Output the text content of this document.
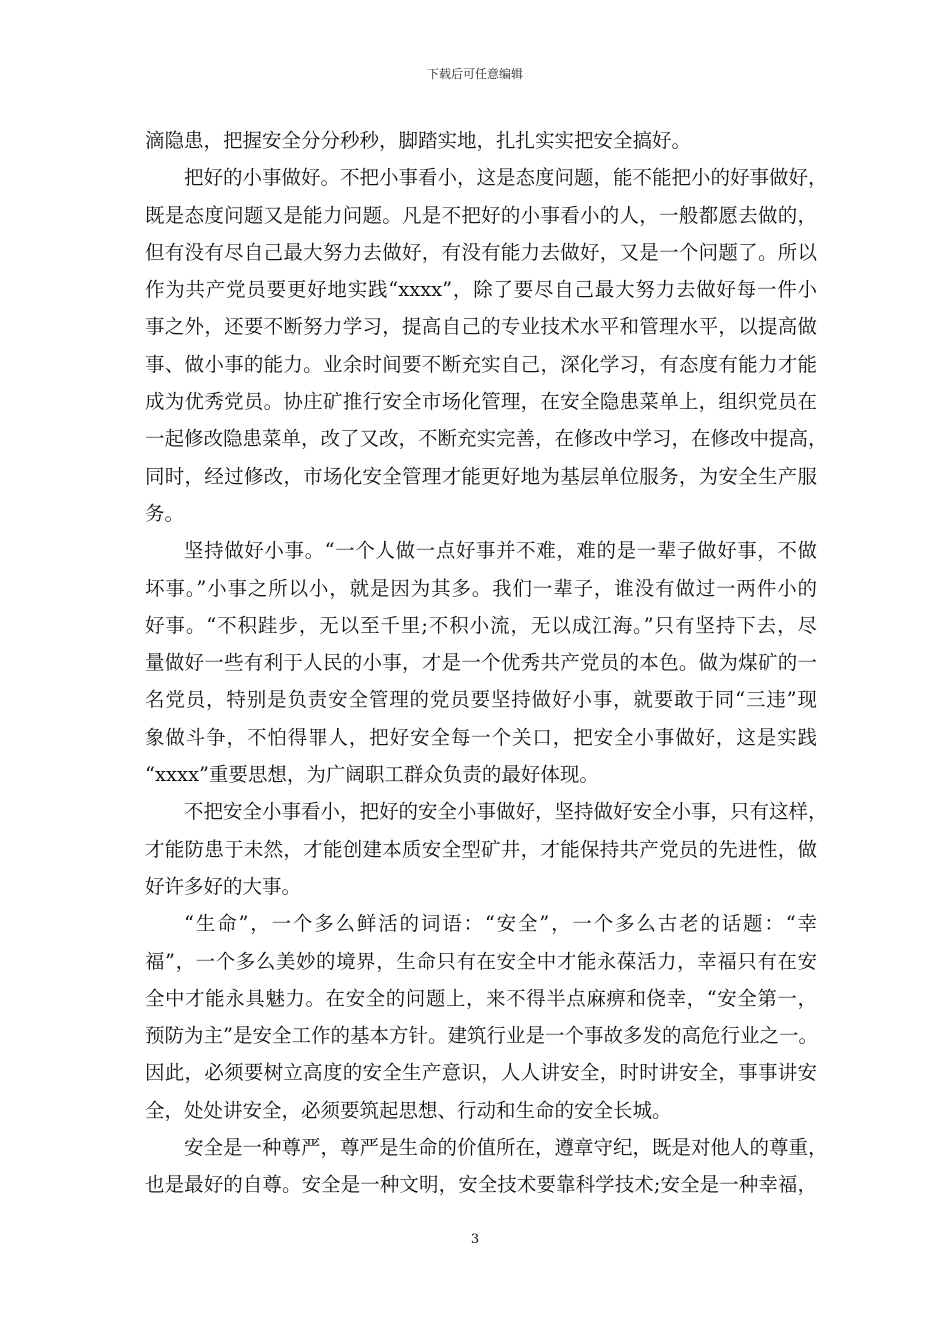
下载后可任意编辑
滴隐患，把握安全分分秒秒，脚踏实地，扎扎实实把安全搞好。
把好的小事做好。不把小事看小，这是态度问题，能不能把小的好事做好，
既是态度问题又是能力问题。凡是不把好的小事看小的人，一般都愿去做的，
但有没有尽自己最大努力去做好，有没有能力去做好，又是一个问题了。所以
作为共产党员要更好地实践“xxxx”，除了要尽自己最大努力去做好每一件小
事之外，还要不断努力学习，提高自己的专业技术水平和管理水平，以提高做
事、做小事的能力。业余时间要不断充实自己，深化学习，有态度有能力才能
成为优秀党员。协庄矿推行安全市场化管理，在安全隐患菜单上，组织党员在
一起修改隐患菜单，改了又改，不断充实完善，在修改中学习，在修改中提高，
同时，经过修改，市场化安全管理才能更好地为基层单位服务，为安全生产服
务。
坚持做好小事。“一个人做一点好事并不难，难的是一辈子做好事，不做
坏事。”小事之所以小，就是因为其多。我们一辈子，谁没有做过一两件小的
好事。“不积跬步，无以至千里;不积小流，无以成江海。”只有坚持下去，尽
量做好一些有利于人民的小事，才是一个优秀共产党员的本色。做为煤矿的一
名党员，特别是负责安全管理的党员要坚持做好小事，就要敢于同“三违”现
象做斗争，不怕得罪人，把好安全每一个关口，把安全小事做好，这是实践
“xxxx”重要思想，为广阔职工群众负责的最好体现。
不把安全小事看小，把好的安全小事做好，坚持做好安全小事，只有这样，
才能防患于未然，才能创建本质安全型矿井，才能保持共产党员的先进性，做
好许多好的大事。
“生命”，一个多么鲜活的词语：“安全”，一个多么古老的话题：“幸
福”，一个多么美妙的境界，生命只有在安全中才能永葆活力，幸福只有在安
全中才能永具魅力。在安全的问题上，来不得半点麻痹和侥幸，“安全第一，
预防为主”是安全工作的基本方针。建筑行业是一个事故多发的高危行业之一。
因此，必须要树立高度的安全生产意识，人人讲安全，时时讲安全，事事讲安
全，处处讲安全，必须要筑起思想、行动和生命的安全长城。
安全是一种尊严，尊严是生命的价值所在，遵章守纪，既是对他人的尊重，
也是最好的自尊。安全是一种文明，安全技术要靠科学技术;安全是一种幸福，
3
